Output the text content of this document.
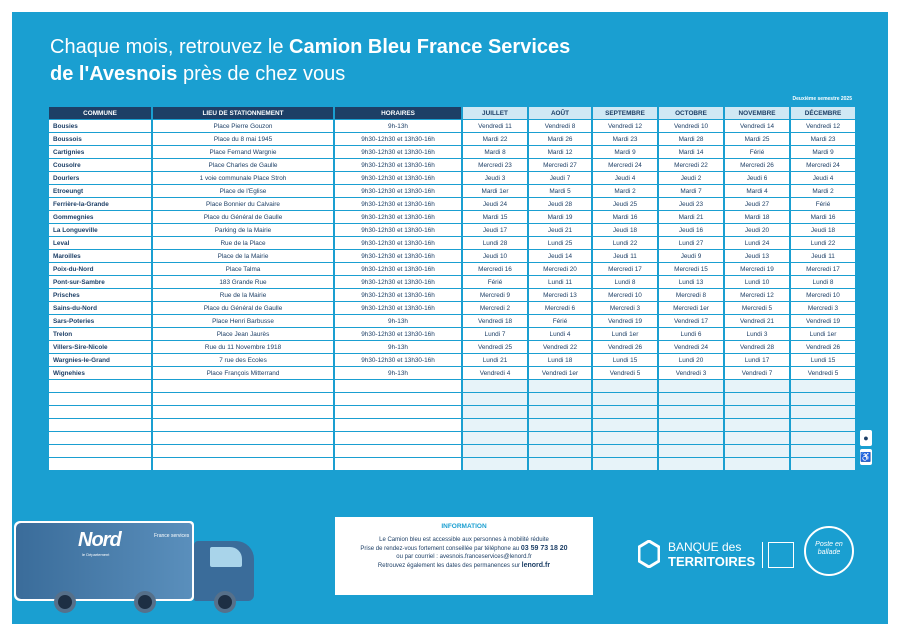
Chaque mois, retrouvez le Camion Bleu France Services
de l'Avesnois près de chez vous
Deuxième semestre 2025
COMMUNE	LIEU DE STATIONNEMENT	HORAIRES	JUILLET	AOÛT	SEPTEMBRE	OCTOBRE	NOVEMBRE	DÉCEMBRE
Bousies	Place Pierre Gouzon	9h-13h	Vendredi 11	Vendredi 8	Vendredi 12	Vendredi 10	Vendredi 14	Vendredi 12
Boussois	Place du 8 mai 1945	9h30-12h30 et 13h30-16h	Mardi 22	Mardi 26	Mardi 23	Mardi 28	Mardi 25	Mardi 23
Cartignies	Place Fernand Wargnie	9h30-12h30 et 13h30-16h	Mardi 8	Mardi 12	Mardi 9	Mardi 14	Férié	Mardi 9
Cousolre	Place Charles de Gaulle	9h30-12h30 et 13h30-16h	Mercredi 23	Mercredi 27	Mercredi 24	Mercredi 22	Mercredi 26	Mercredi 24
Dourlers	1 voie communale Place Stroh	9h30-12h30 et 13h30-16h	Jeudi 3	Jeudi 7	Jeudi 4	Jeudi 2	Jeudi 6	Jeudi 4
Etroeungt	Place de l'Eglise	9h30-12h30 et 13h30-16h	Mardi 1er	Mardi 5	Mardi 2	Mardi 7	Mardi 4	Mardi 2
Ferrière-la-Grande	Place Bonnier du Calvaire	9h30-12h30 et 13h30-16h	Jeudi 24	Jeudi 28	Jeudi 25	Jeudi 23	Jeudi 27	Férié
Gommegnies	Place du Général de Gaulle	9h30-12h30 et 13h30-16h	Mardi 15	Mardi 19	Mardi 16	Mardi 21	Mardi 18	Mardi 16
La Longueville	Parking de la Mairie	9h30-12h30 et 13h30-16h	Jeudi 17	Jeudi 21	Jeudi 18	Jeudi 16	Jeudi 20	Jeudi 18
Leval	Rue de la Place	9h30-12h30 et 13h30-16h	Lundi 28	Lundi 25	Lundi 22	Lundi 27	Lundi 24	Lundi 22
Maroilles	Place de la Mairie	9h30-12h30 et 13h30-16h	Jeudi 10	Jeudi 14	Jeudi 11	Jeudi 9	Jeudi 13	Jeudi 11
Poix-du-Nord	Place Talma	9h30-12h30 et 13h30-16h	Mercredi 16	Mercredi 20	Mercredi 17	Mercredi 15	Mercredi 19	Mercredi 17
Pont-sur-Sambre	183 Grande Rue	9h30-12h30 et 13h30-16h	Férié	Lundi 11	Lundi 8	Lundi 13	Lundi 10	Lundi 8
Prisches	Rue de la Mairie	9h30-12h30 et 13h30-16h	Mercredi 9	Mercredi 13	Mercredi 10	Mercredi 8	Mercredi 12	Mercredi 10
Sains-du-Nord	Place du Général de Gaulle	9h30-12h30 et 13h30-16h	Mercredi 2	Mercredi 6	Mercredi 3	Mercredi 1er	Mercredi 5	Mercredi 3
Sars-Poteries	Place Henri Barbusse	9h-13h	Vendredi 18	Férié	Vendredi 19	Vendredi 17	Vendredi 21	Vendredi 19
Trelon	Place Jean Jaurès	9h30-12h30 et 13h30-16h	Lundi 7	Lundi 4	Lundi 1er	Lundi 6	Lundi 3	Lundi 1er
Villers-Sire-Nicole	Rue du 11 Novembre 1918	9h-13h	Vendredi 25	Vendredi 22	Vendredi 26	Vendredi 24	Vendredi 28	Vendredi 26
Wargnies-le-Grand	7 rue des Ecoles	9h30-12h30 et 13h30-16h	Lundi 21	Lundi 18	Lundi 15	Lundi 20	Lundi 17	Lundi 15
Wignehies	Place François Mitterrand	9h-13h	Vendredi 4	Vendredi 1er	Vendredi 5	Vendredi 3	Vendredi 7	Vendredi 5

●
♿
Nord
le Département
France services
INFORMATION

Le Camion bleu est accessible aux personnes à mobilité réduite

Prise de rendez-vous fortement conseillée par téléphone au 03 59 73 18 20

ou par courriel : avesnois.franceservices@lenord.fr

Retrouvez également les dates des permanences sur lenord.fr

BANQUE des
TERRITOIRES
Poste en ballade
